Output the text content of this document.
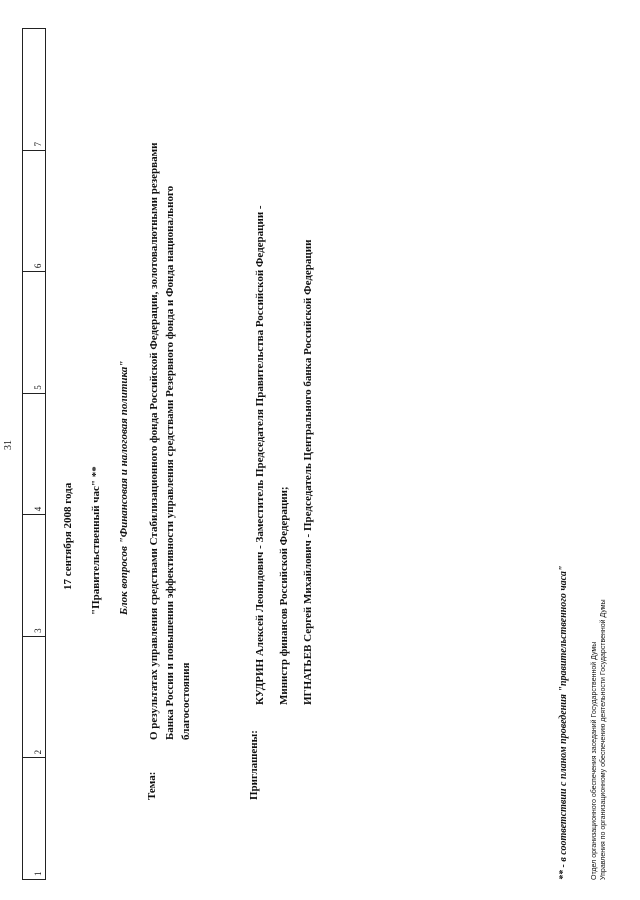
31
1
2
3
4
5
6
7
17 сентября 2008 года "Правительственный час" ** Блок вопросов "Финансовая и налоговая политика"
Тема:
О результатах управления средствами Стабилизационного фонда Российской Федерации, золотовалютными резервами Банка России и повышении эффективности управления средствами Резервного фонда и Фонда национального благосостояния
Приглашены:
КУДРИН Алексей Леонидович - Заместитель Председателя Правительства Российской Федерации -	Министр финансов Российской Федерации;	ИГНАТЬЕВ Сергей Михайлович - Председатель Центрального банка Российской Федерации
** - в соответствии с планом проведения "правительственного часа"	Отдел организационного обеспечения заседаний Государственной Думы Управления по организационному обеспечению деятельности Государственной Думы
